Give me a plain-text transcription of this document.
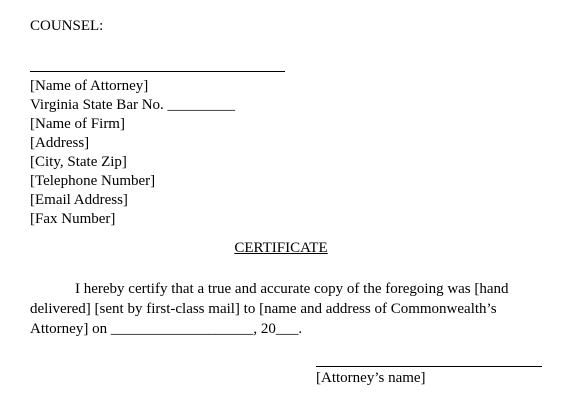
COUNSEL:
[Name of Attorney]
Virginia State Bar No. _________
[Name of Firm]
[Address]
[City, State Zip]
[Telephone Number]
[Email Address]
[Fax Number]
CERTIFICATE
I hereby certify that a true and accurate copy of the foregoing was [hand
delivered] [sent by first-class mail] to [name and address of Commonwealth’s
Attorney] on ___________________, 20___.
[Attorney’s name]
